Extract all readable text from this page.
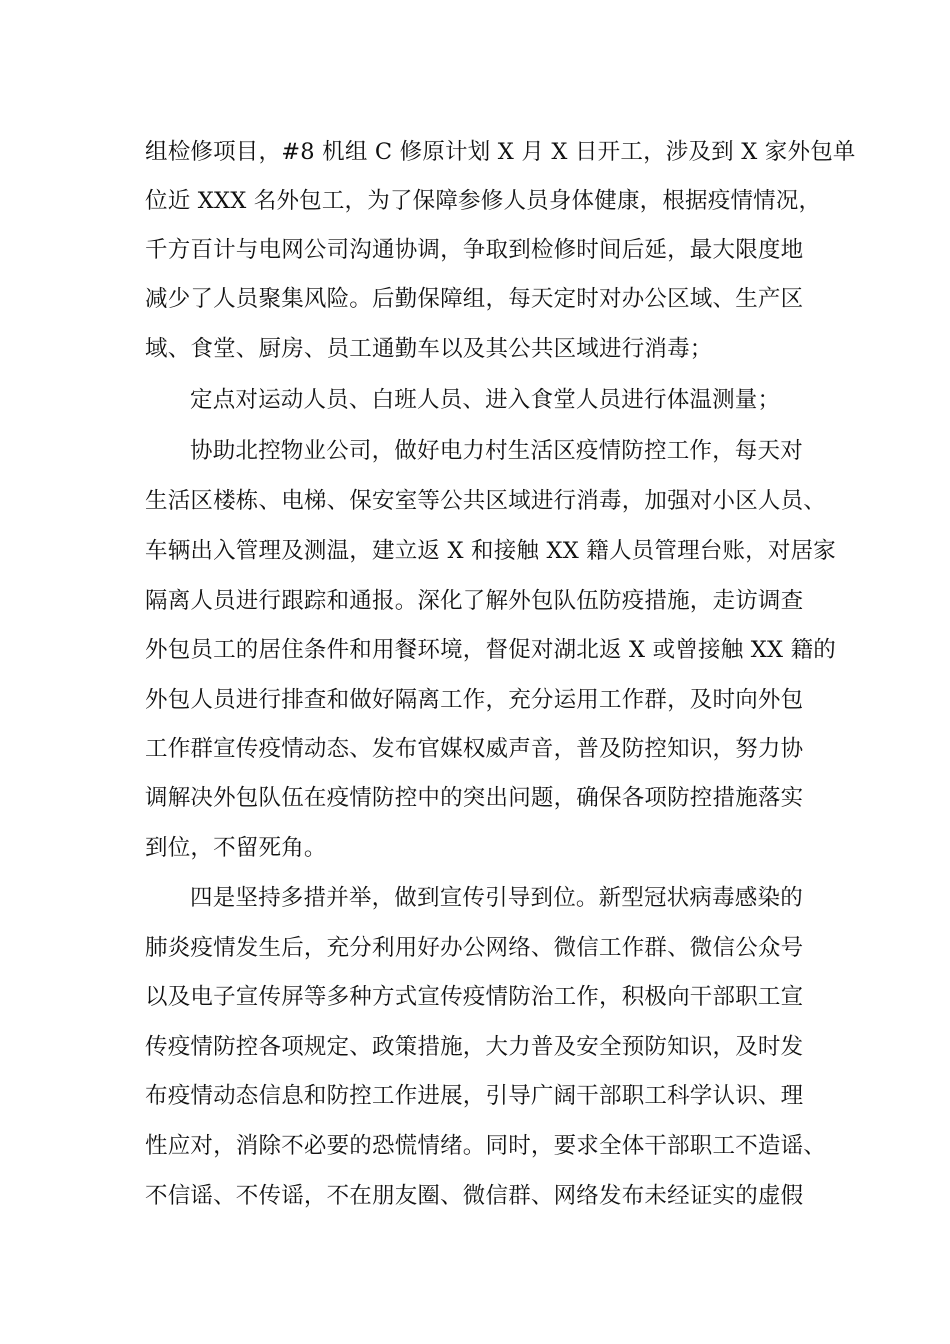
组检修项目，#8 机组 C 修原计划 X 月 X 日开工，涉及到 X 家外包单
位近 XXX 名外包工，为了保障参修人员身体健康，根据疫情情况，
千方百计与电网公司沟通协调，争取到检修时间后延，最大限度地
减少了人员聚集风险。后勤保障组，每天定时对办公区域、生产区
域、食堂、厨房、员工通勤车以及其公共区域进行消毒；
定点对运动人员、白班人员、进入食堂人员进行体温测量；
协助北控物业公司，做好电力村生活区疫情防控工作，每天对
生活区楼栋、电梯、保安室等公共区域进行消毒，加强对小区人员、
车辆出入管理及测温，建立返 X 和接触 XX 籍人员管理台账，对居家
隔离人员进行跟踪和通报。深化了解外包队伍防疫措施，走访调查
外包员工的居住条件和用餐环境，督促对湖北返 X 或曾接触 XX 籍的
外包人员进行排查和做好隔离工作，充分运用工作群，及时向外包
工作群宣传疫情动态、发布官媒权威声音，普及防控知识，努力协
调解决外包队伍在疫情防控中的突出问题，确保各项防控措施落实
到位，不留死角。
四是坚持多措并举，做到宣传引导到位。新型冠状病毒感染的
肺炎疫情发生后，充分利用好办公网络、微信工作群、微信公众号
以及电子宣传屏等多种方式宣传疫情防治工作，积极向干部职工宣
传疫情防控各项规定、政策措施，大力普及安全预防知识，及时发
布疫情动态信息和防控工作进展，引导广阔干部职工科学认识、理
性应对，消除不必要的恐慌情绪。同时，要求全体干部职工不造谣、
不信谣、不传谣，不在朋友圈、微信群、网络发布未经证实的虚假
